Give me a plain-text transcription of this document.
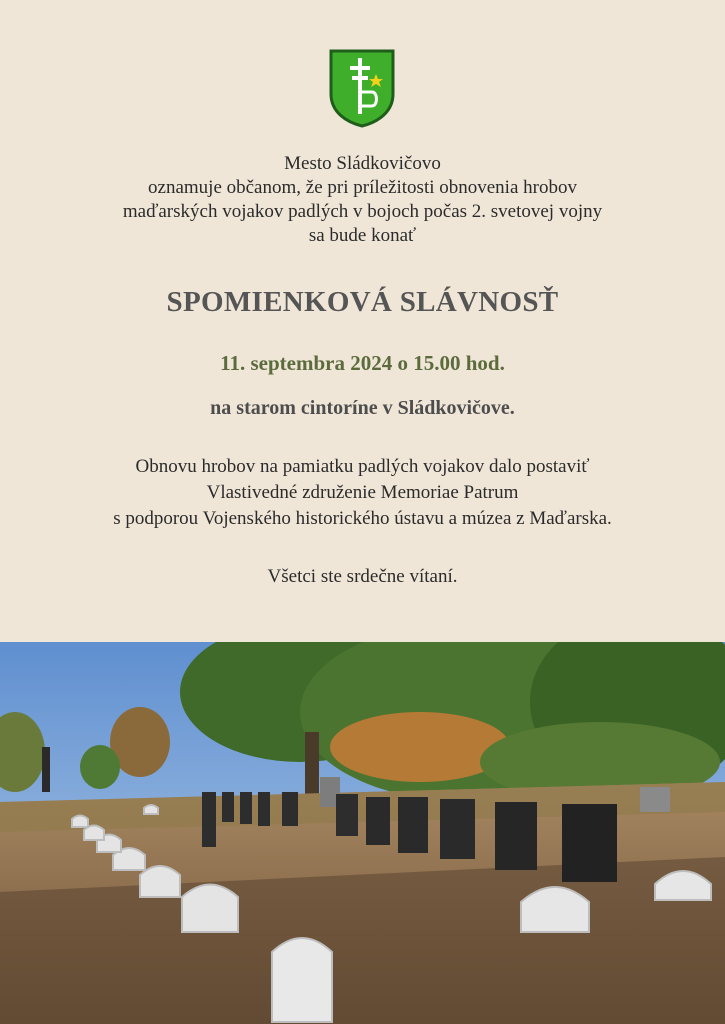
Mesto Sládkovičovo
oznamuje občanom, že pri príležitosti obnovenia hrobov
maďarských vojakov padlých v bojoch počas 2. svetovej vojny
sa bude konať
SPOMIENKOVÁ SLÁVNOSŤ
11. septembra 2024 o 15.00 hod.
na starom cintoríne v Sládkovičove.
Obnovu hrobov na pamiatku padlých vojakov dalo postaviť
Vlastivedné združenie Memoriae Patrum
s podporou Vojenského historického ústavu a múzea z Maďarska.
Všetci ste srdečne vítaní.
